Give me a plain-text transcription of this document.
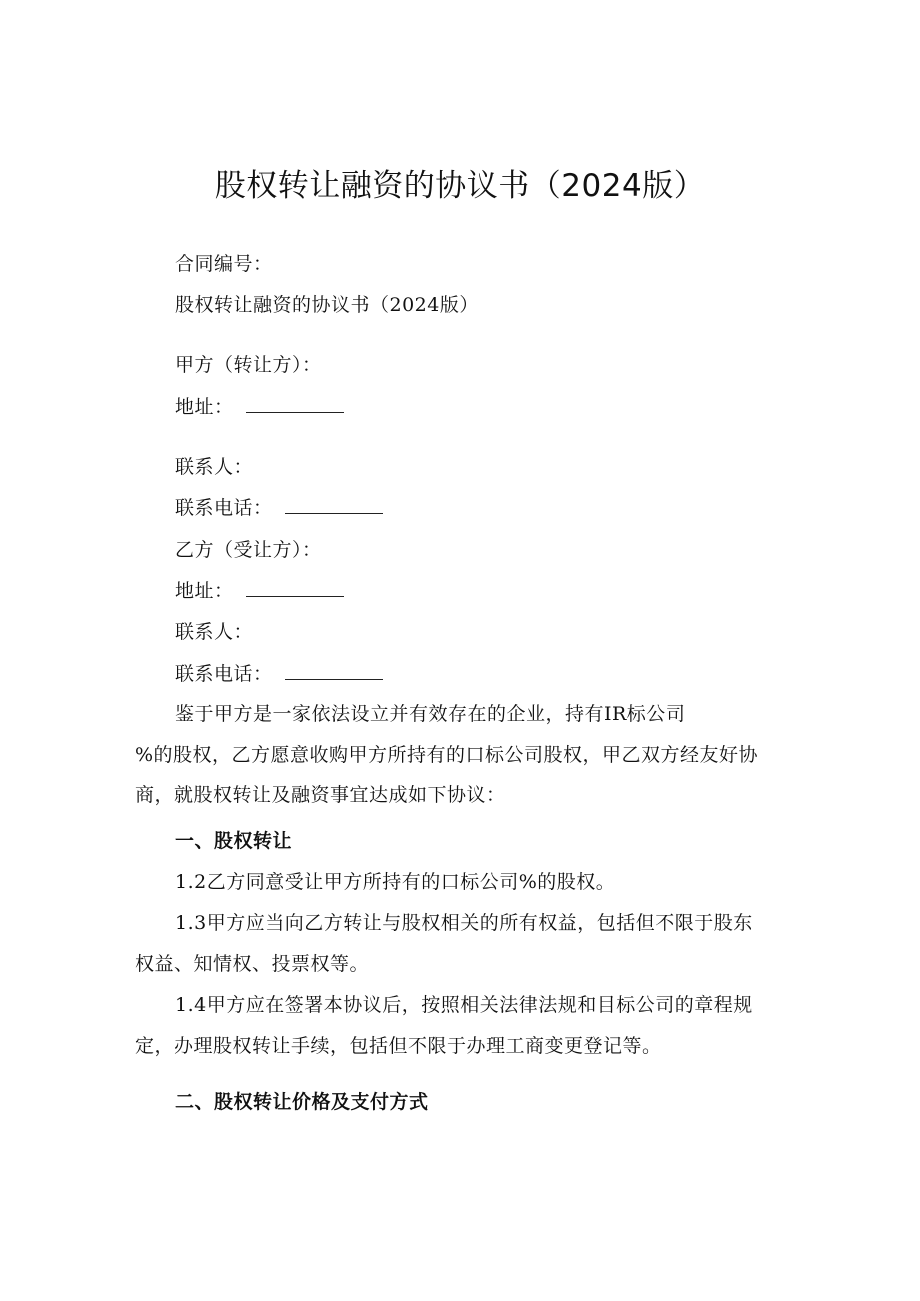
股权转让融资的协议书（2024版）
合同编号：
股权转让融资的协议书（2024版）
甲方（转让方）：
地址：
联系人：
联系电话：
乙方（受让方）：
地址：
联系人：
联系电话：
鉴于甲方是一家依法设立并有效存在的企业，持有IR标公司
%的股权，乙方愿意收购甲方所持有的口标公司股权，甲乙双方经友好协
商，就股权转让及融资事宜达成如下协议：
一、股权转让
1.2乙方同意受让甲方所持有的口标公司%的股权。
1.3甲方应当向乙方转让与股权相关的所有权益，包括但不限于股东
权益、知情权、投票权等。
1.4甲方应在签署本协议后，按照相关法律法规和目标公司的章程规
定，办理股权转让手续，包括但不限于办理工商变更登记等。
二、股权转让价格及支付方式
